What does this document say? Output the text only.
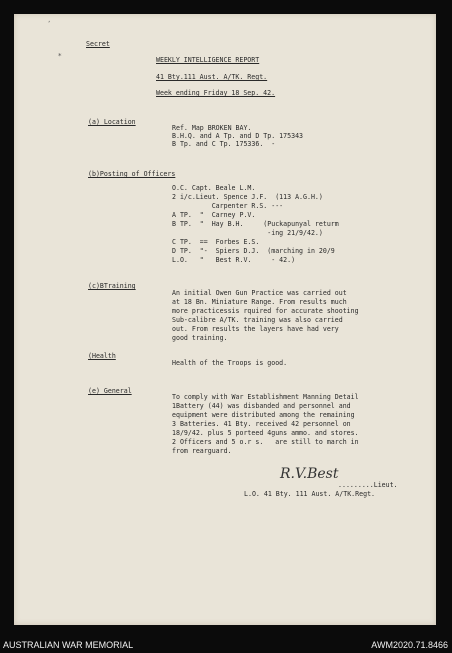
ʼ
*
Secret
WEEKLY INTELLIGENCE REPORT
41 Bty.111 Aust. A/TK. Regt.
Week ending Friday 18 Sep. 42.
(a) Location
Ref. Map BROKEN BAY.
B.H.Q. and A Tp. and D Tp. 175343
B Tp. and C Tp. 175336.  -
(b)Posting of Officers
O.C. Capt. Beale L.M.
2 i/c.Lieut. Spence J.F.  (113 A.G.H.)
Carpenter R.S. ---
A TP.  "  Carney P.V.
B TP.  "  Hay B.H.     (Puckapunyal returm
-ing 21/9/42.)
C TP.  ==  Forbes E.S.
D TP.  "-  Spiers D.J.  (marching in 20/9
L.O.   "   Best R.V.     - 42.)
(c)BTraining
An initial Owen Gun Practice was carried out
at 18 Bn. Miniature Range. From results much
more practicessis rquired for accurate shooting
Sub-calibre A/TK. training was also carried
out. From results the layers have had very
good training.
(Health
Health of the Troops is good.
(e) General
To comply with War Establishment Manning Detail
1Battery (44) was disbanded and personnel and
equipment were distributed among the remaining
3 Batteries. 41 Bty. received 42 personnel on
18/9/42. plus 5 porteed 4guns ammo. and stores.
2 Officers and 5 o.r s.   are still to march in
from rearguard.
R.V.Best
.........Lieut.
L.O. 41 Bty. 111 Aust. A/TK.Regt.
AUSTRALIAN WAR MEMORIAL	AWM2020.71.8466
